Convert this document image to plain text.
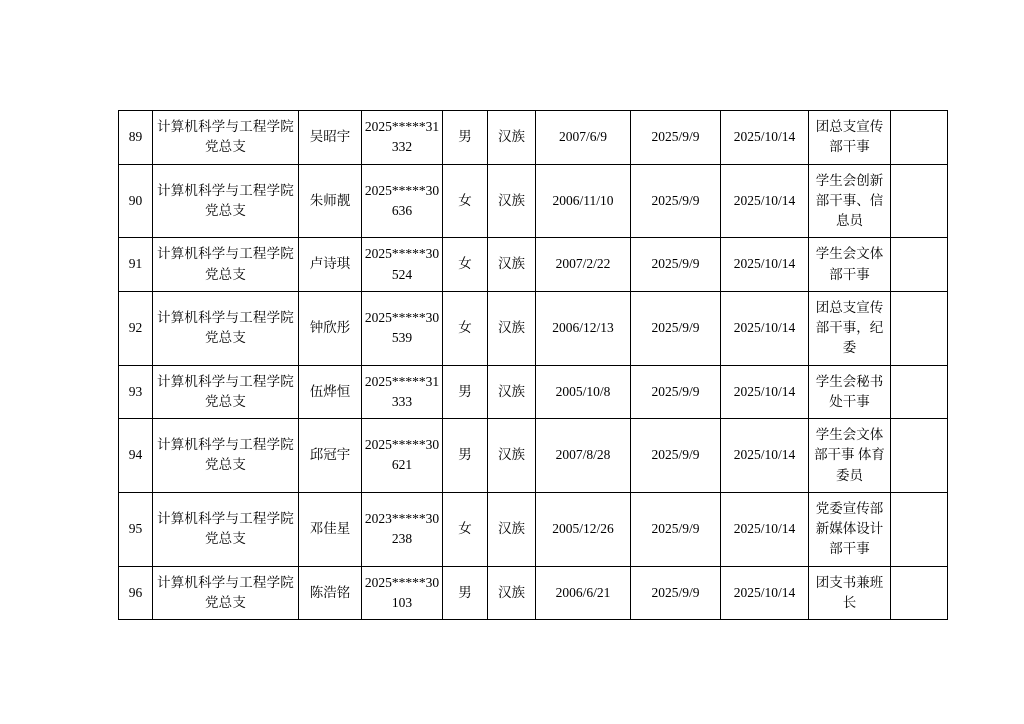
89	计算机科学与工程学院党总支	吴昭宇	2025*****31332	男	汉族	2007/6/9	2025/9/9	2025/10/14	团总支宣传部干事	
90	计算机科学与工程学院党总支	朱师靓	2025*****30636	女	汉族	2006/11/10	2025/9/9	2025/10/14	学生会创新部干事、信息员	
91	计算机科学与工程学院党总支	卢诗琪	2025*****30524	女	汉族	2007/2/22	2025/9/9	2025/10/14	学生会文体部干事	
92	计算机科学与工程学院党总支	钟欣彤	2025*****30539	女	汉族	2006/12/13	2025/9/9	2025/10/14	团总支宣传部干事，纪委	
93	计算机科学与工程学院党总支	伍烨恒	2025*****31333	男	汉族	2005/10/8	2025/9/9	2025/10/14	学生会秘书处干事	
94	计算机科学与工程学院党总支	邱冠宇	2025*****30621	男	汉族	2007/8/28	2025/9/9	2025/10/14	学生会文体部干事 体育委员	
95	计算机科学与工程学院党总支	邓佳星	2023*****30238	女	汉族	2005/12/26	2025/9/9	2025/10/14	党委宣传部新媒体设计部干事	
96	计算机科学与工程学院党总支	陈浩铭	2025*****30103	男	汉族	2006/6/21	2025/9/9	2025/10/14	团支书兼班长	
